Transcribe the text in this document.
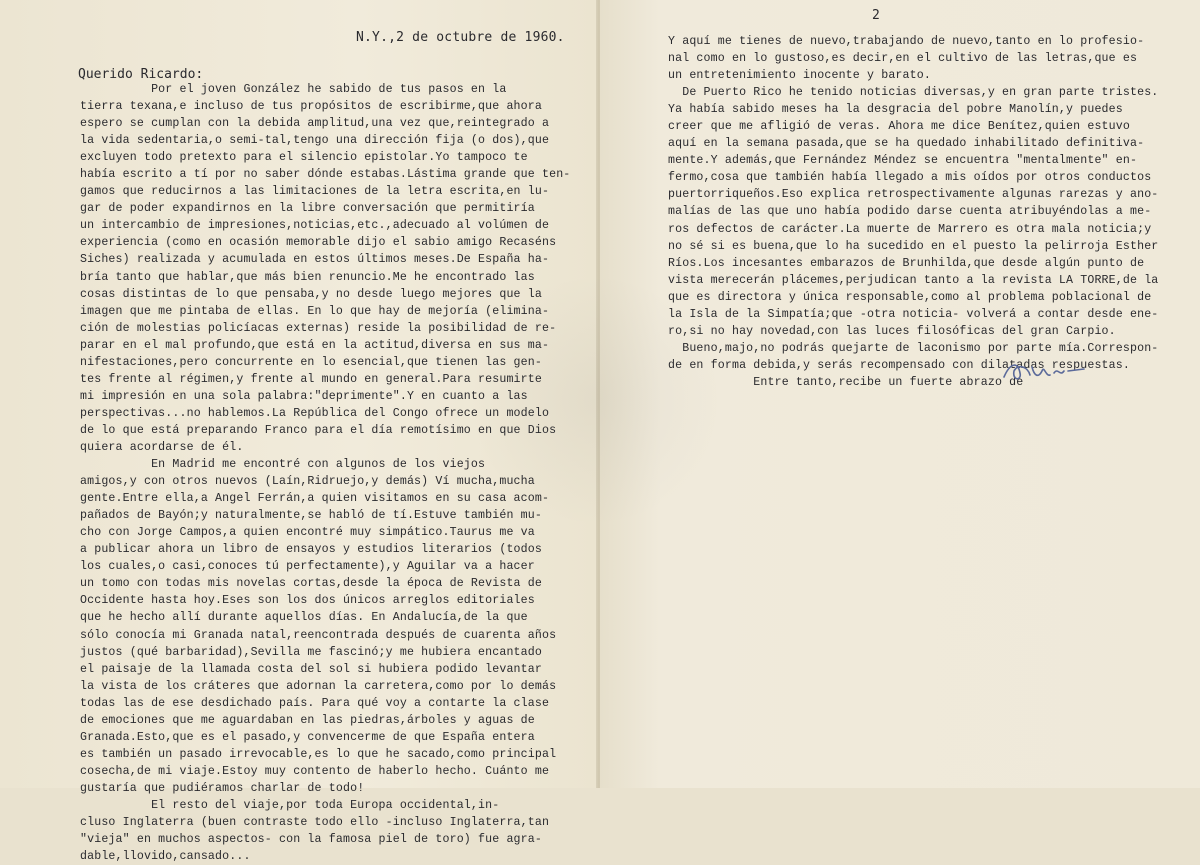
N.Y.,2 de octubre de 1960.
Querido Ricardo:
Por el joven González he sabido de tus pasos en la
tierra texana,e incluso de tus propósitos de escribirme,que ahora
espero se cumplan con la debida amplitud,una vez que,reintegrado a
la vida sedentaria,o semi-tal,tengo una dirección fija (o dos),que
excluyen todo pretexto para el silencio epistolar.Yo tampoco te
había escrito a tí por no saber dónde estabas.Lástima grande que ten-
gamos que reducirnos a las limitaciones de la letra escrita,en lu-
gar de poder expandirnos en la libre conversación que permitiría
un intercambio de impresiones,noticias,etc.,adecuado al volúmen de
experiencia (como en ocasión memorable dijo el sabio amigo Recaséns
Siches) realizada y acumulada en estos últimos meses.De España ha-
bría tanto que hablar,que más bien renuncio.Me he encontrado las
cosas distintas de lo que pensaba,y no desde luego mejores que la
imagen que me pintaba de ellas. En lo que hay de mejoría (elimina-
ción de molestias policíacas externas) reside la posibilidad de re-
parar en el mal profundo,que está en la actitud,diversa en sus ma-
nifestaciones,pero concurrente en lo esencial,que tienen las gen-
tes frente al régimen,y frente al mundo en general.Para resumirte
mi impresión en una sola palabra:"deprimente".Y en cuanto a las
perspectivas...no hablemos.La República del Congo ofrece un modelo
de lo que está preparando Franco para el día remotísimo en que Dios
quiera acordarse de él.
En Madrid me encontré con algunos de los viejos
amigos,y con otros nuevos (Laín,Ridruejo,y demás) Ví mucha,mucha
gente.Entre ella,a Angel Ferrán,a quien visitamos en su casa acom-
pañados de Bayón;y naturalmente,se habló de tí.Estuve también mu-
cho con Jorge Campos,a quien encontré muy simpático.Taurus me va
a publicar ahora un libro de ensayos y estudios literarios (todos
los cuales,o casi,conoces tú perfectamente),y Aguilar va a hacer
un tomo con todas mis novelas cortas,desde la época de Revista de
Occidente hasta hoy.Eses son los dos únicos arreglos editoriales
que he hecho allí durante aquellos días. En Andalucía,de la que
sólo conocía mi Granada natal,reencontrada después de cuarenta años
justos (qué barbaridad),Sevilla me fascinó;y me hubiera encantado
el paisaje de la llamada costa del sol si hubiera podido levantar
la vista de los cráteres que adornan la carretera,como por lo demás
todas las de ese desdichado país. Para qué voy a contarte la clase
de emociones que me aguardaban en las piedras,árboles y aguas de
Granada.Esto,que es el pasado,y convencerme de que España entera
es también un pasado irrevocable,es lo que he sacado,como principal
cosecha,de mi viaje.Estoy muy contento de haberlo hecho. Cuánto me
gustaría que pudiéramos charlar de todo!
El resto del viaje,por toda Europa occidental,in-
cluso Inglaterra (buen contraste todo ello -incluso Inglaterra,tan
"vieja" en muchos aspectos- con la famosa piel de toro) fue agra-
dable,llovido,cansado...
2
Y aquí me tienes de nuevo,trabajando de nuevo,tanto en lo profesio-
nal como en lo gustoso,es decir,en el cultivo de las letras,que es
un entretenimiento inocente y barato.
De Puerto Rico he tenido noticias diversas,y en gran parte tristes.
Ya había sabido meses ha la desgracia del pobre Manolín,y puedes
creer que me afligió de veras. Ahora me dice Benítez,quien estuvo
aquí en la semana pasada,que se ha quedado inhabilitado definitiva-
mente.Y además,que Fernández Méndez se encuentra "mentalmente" en-
fermo,cosa que también había llegado a mis oídos por otros conductos
puertorriqueños.Eso explica retrospectivamente algunas rarezas y ano-
malías de las que uno había podido darse cuenta atribuyéndolas a me-
ros defectos de carácter.La muerte de Marrero es otra mala noticia;y
no sé si es buena,que lo ha sucedido en el puesto la pelirroja Esther
Ríos.Los incesantes embarazos de Brunhilda,que desde algún punto de
vista merecerán plácemes,perjudican tanto a la revista LA TORRE,de la
que es directora y única responsable,como al problema poblacional de
la Isla de la Simpatía;que -otra noticia- volverá a contar desde ene-
ro,si no hay novedad,con las luces filosóficas del gran Carpio.
Bueno,majo,no podrás quejarte de laconismo por parte mía.Correspon-
de en forma debida,y serás recompensado con dilatadas respuestas.
Entre tanto,recibe un fuerte abrazo de
